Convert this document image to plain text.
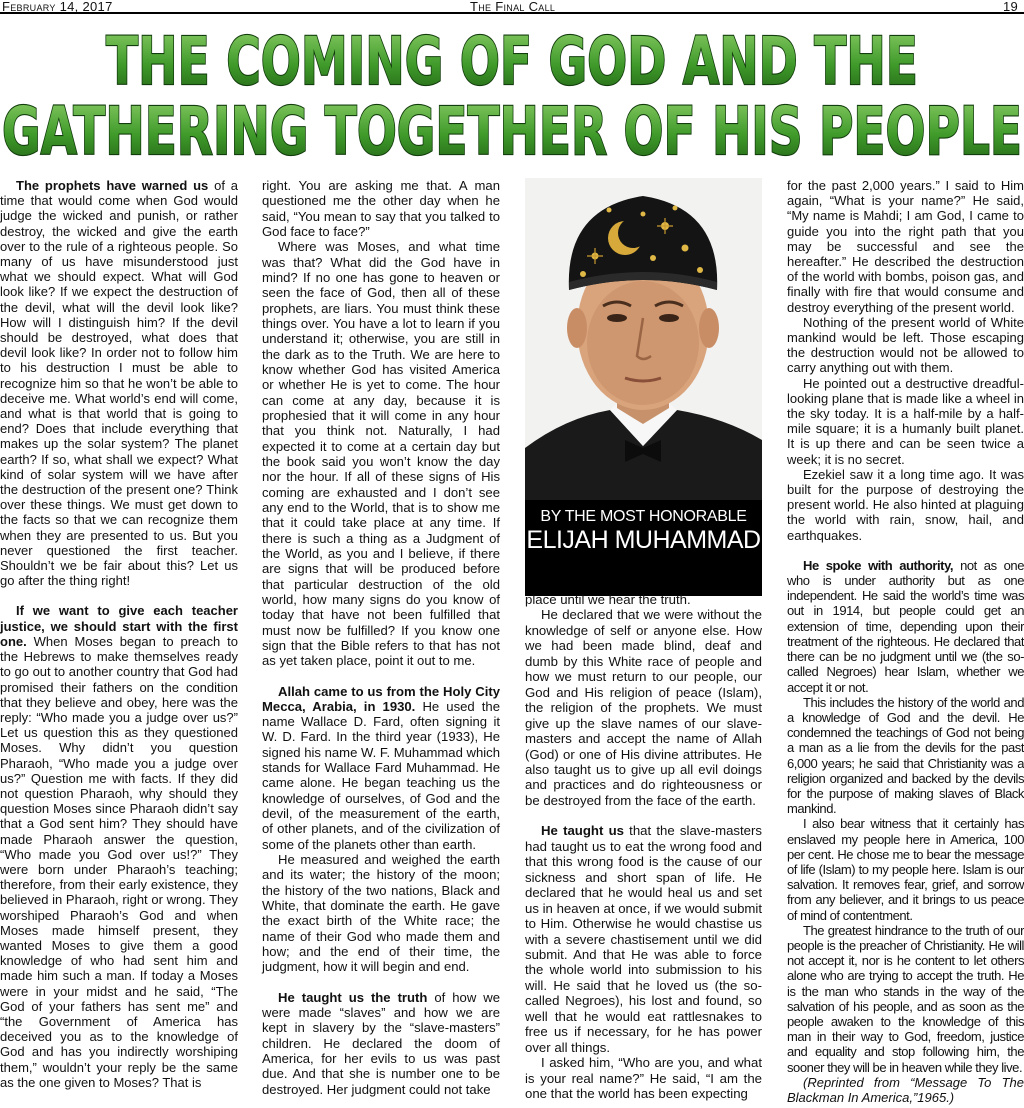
February 14, 2017	The Final Call	19
THE COMING OF GOD AND THE
GATHERING TOGETHER OF HIS PEOPLE

The prophets have warned us of a time that would come when God would judge the wicked and punish, or rather destroy, the wicked and give the earth over to the rule of a righteous people. So many of us have misunderstood just what we should expect. What will God look like? If we expect the destruction of the devil, what will the devil look like? How will I distinguish him? If the devil should be destroyed, what does that devil look like? In order not to follow him to his destruction I must be able to recognize him so that he won’t be able to deceive me. What world’s end will come, and what is that world that is going to end? Does that include everything that makes up the solar system? The planet earth? If so, what shall we expect? What kind of solar system will we have after the destruction of the present one? Think over these things. We must get down to the facts so that we can recognize them when they are presented to us. But you never questioned the first teacher. Shouldn’t we be fair about this? Let us go after the thing right!

If we want to give each teacher justice, we should start with the first one. When Moses began to preach to the Hebrews to make themselves ready to go out to another country that God had promised their fathers on the condition that they believe and obey, here was the reply: “Who made you a judge over us?” Let us question this as they questioned Moses. Why didn’t you question Pharaoh, “Who made you a judge over us?” Question me with facts. If they did not question Pharaoh, why should they question Moses since Pharaoh didn’t say that a God sent him? They should have made Pharaoh answer the question, “Who made you God over us!?” They were born under Pharaoh’s teaching; therefore, from their early existence, they believed in Pharaoh, right or wrong. They worshiped Pharaoh’s God and when Moses made himself present, they wanted Moses to give them a good knowledge of who had sent him and made him such a man. If today a Moses were in your midst and he said, “The God of your fathers has sent me” and “the Government of America has deceived you as to the knowledge of God and has you indirectly worshiping them,” wouldn’t your reply be the same as the one given to Moses? That is

right. You are asking me that. A man questioned me the other day when he said, “You mean to say that you talked to God face to face?”

Where was Moses, and what time was that? What did the God have in mind? If no one has gone to heaven or seen the face of God, then all of these prophets, are liars. You must think these things over. You have a lot to learn if you understand it; otherwise, you are still in the dark as to the Truth. We are here to know whether God has visited America or whether He is yet to come. The hour can come at any day, because it is prophesied that it will come in any hour that you think not. Naturally, I had expected it to come at a certain day but the book said you won’t know the day nor the hour. If all of these signs of His coming are exhausted and I don’t see any end to the World, that is to show me that it could take place at any time. If there is such a thing as a Judgment of the World, as you and I believe, if there are signs that will be produced before that particular destruction of the old world, how many signs do you know of today that have not been fulfilled that must now be fulfilled? If you know one sign that the Bible refers to that has not as yet taken place, point it out to me.

Allah came to us from the Holy City Mecca, Arabia, in 1930. He used the name Wallace D. Fard, often signing it W. D. Fard. In the third year (1933), He signed his name W. F. Muhammad which stands for Wallace Fard Muhammad. He came alone. He began teaching us the knowledge of ourselves, of God and the devil, of the measurement of the earth, of other planets, and of the civilization of some of the planets other than earth.

He measured and weighed the earth and its water; the history of the moon; the history of the two nations, Black and White, that dominate the earth. He gave the exact birth of the White race; the name of their God who made them and how; and the end of their time, the judgment, how it will begin and end.

He taught us the truth of how we were made “slaves” and how we are kept in slavery by the “slave-masters” children. He declared the doom of America, for her evils to us was past due. And that she is number one to be destroyed. Her judgment could not take

BY THE MOST HONORABLE
ELIJAH MUHAMMAD

place until we hear the truth.

He declared that we were without the knowledge of self or anyone else. How we had been made blind, deaf and dumb by this White race of people and how we must return to our people, our God and His religion of peace (Islam), the religion of the prophets. We must give up the slave names of our slave-masters and accept the name of Allah (God) or one of His divine attributes. He also taught us to give up all evil doings and practices and do righteousness or be destroyed from the face of the earth.

He taught us that the slave-masters had taught us to eat the wrong food and that this wrong food is the cause of our sickness and short span of life. He declared that he would heal us and set us in heaven at once, if we would submit to Him. Otherwise he would chastise us with a severe chastisement until we did submit. And that He was able to force the whole world into submission to his will. He said that he loved us (the so-called Negroes), his lost and found, so well that he would eat rattlesnakes to free us if necessary, for he has power over all things.

I asked him, “Who are you, and what is your real name?” He said, “I am the one that the world has been expecting

for the past 2,000 years.” I said to Him again, “What is your name?” He said, “My name is Mahdi; I am God, I came to guide you into the right path that you may be successful and see the hereafter.” He described the destruction of the world with bombs, poison gas, and finally with fire that would consume and destroy everything of the present world.

Nothing of the present world of White mankind would be left. Those escaping the destruction would not be allowed to carry anything out with them.

He pointed out a destructive dreadful-looking plane that is made like a wheel in the sky today. It is a half-mile by a half-mile square; it is a humanly built planet. It is up there and can be seen twice a week; it is no secret.

Ezekiel saw it a long time ago. It was built for the purpose of destroying the present world. He also hinted at plaguing the world with rain, snow, hail, and earthquakes.

He spoke with authority, not as one who is under authority but as one independent. He said the world’s time was out in 1914, but people could get an extension of time, depending upon their treatment of the righteous. He declared that there can be no judgment until we (the so-called Negroes) hear Islam, whether we accept it or not.

This includes the history of the world and a knowledge of God and the devil. He condemned the teachings of God not being a man as a lie from the devils for the past 6,000 years; he said that Christianity was a religion organized and backed by the devils for the purpose of making slaves of Black mankind.

I also bear witness that it certainly has enslaved my people here in America, 100 per cent. He chose me to bear the message of life (Islam) to my people here. Islam is our salvation. It removes fear, grief, and sorrow from any believer, and it brings to us peace of mind of contentment.

The greatest hindrance to the truth of our people is the preacher of Christianity. He will not accept it, nor is he content to let others alone who are trying to accept the truth. He is the man who stands in the way of the salvation of his people, and as soon as the people awaken to the knowledge of this man in their way to God, freedom, justice and equality and stop following him, the sooner they will be in heaven while they live.

(Reprinted from “Message To The Blackman In America,”1965.)
